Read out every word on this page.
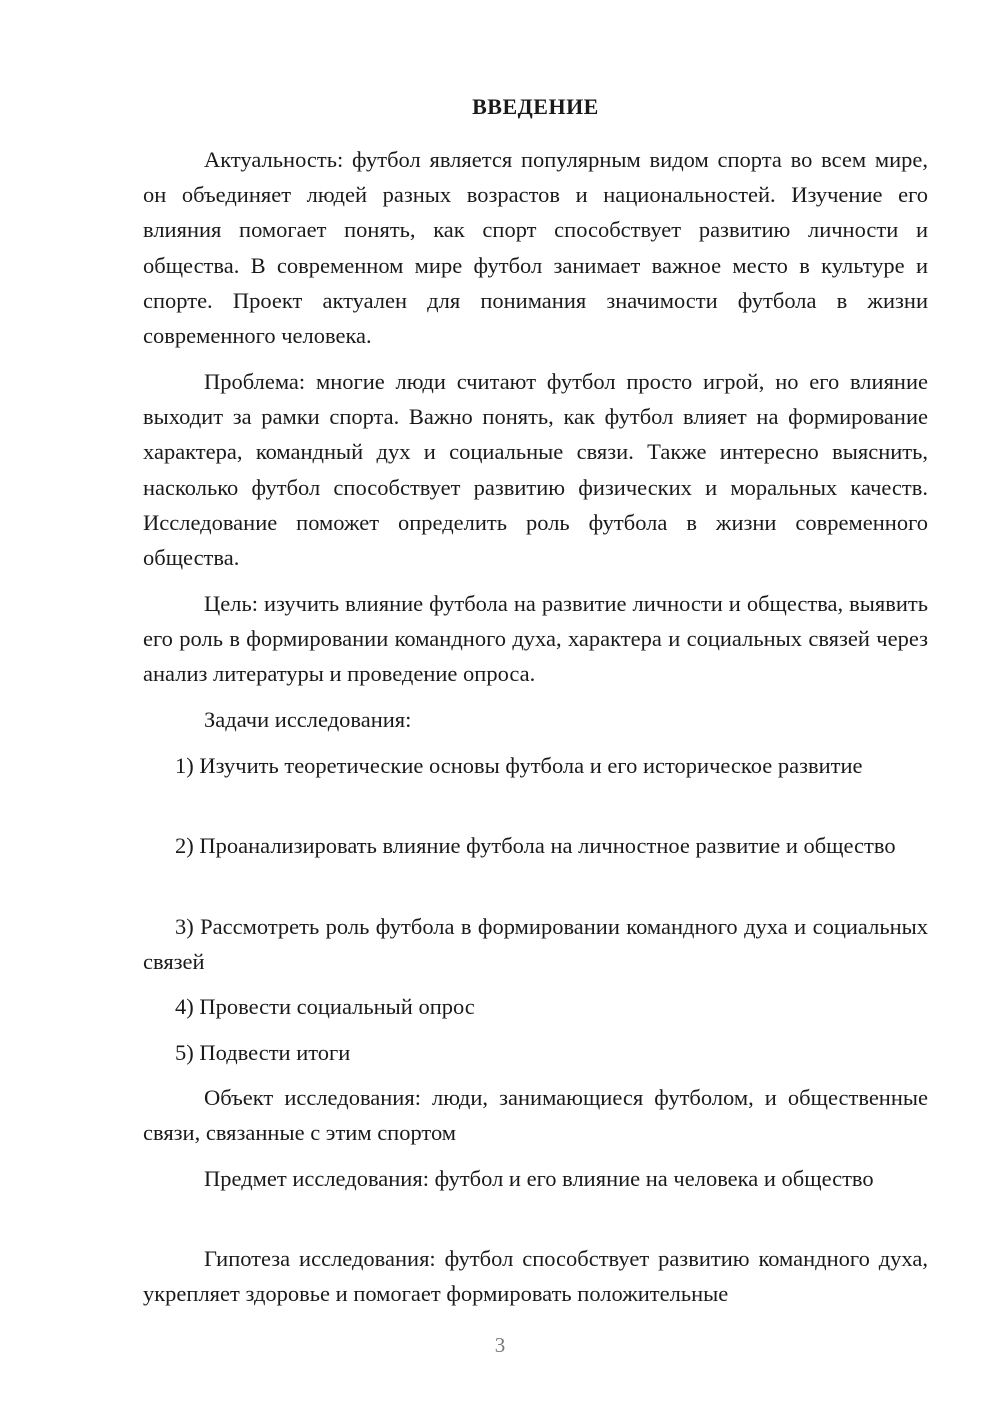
ВВЕДЕНИЕ

Актуальность: футбол является популярным видом спорта во всем мире, он объединяет людей разных возрастов и национальностей. Изучение его влияния помогает понять, как спорт способствует развитию личности и общества. В современном мире футбол занимает важное место в культуре и спорте. Проект актуален для понимания значимости футбола в жизни современного человека.

Проблема: многие люди считают футбол просто игрой, но его влияние выходит за рамки спорта. Важно понять, как футбол влияет на формирование характера, командный дух и социальные связи. Также интересно выяснить, насколько футбол способствует развитию физических и моральных качеств. Исследование поможет определить роль футбола в жизни современного общества.

Цель: изучить влияние футбола на развитие личности и общества, выявить его роль в формировании командного духа, характера и социальных связей через анализ литературы и проведение опроса.

Задачи исследования:

1) Изучить теоретические основы футбола и его историческое развитие

2) Проанализировать влияние футбола на личностное развитие и общество

3) Рассмотреть роль футбола в формировании командного духа и социальных связей

4) Провести социальный опрос

5) Подвести итоги

Объект исследования: люди, занимающиеся футболом, и общественные связи, связанные с этим спортом

Предмет исследования: футбол и его влияние на человека и общество

Гипотеза исследования: футбол способствует развитию командного духа, укрепляет здоровье и помогает формировать положительные

3
